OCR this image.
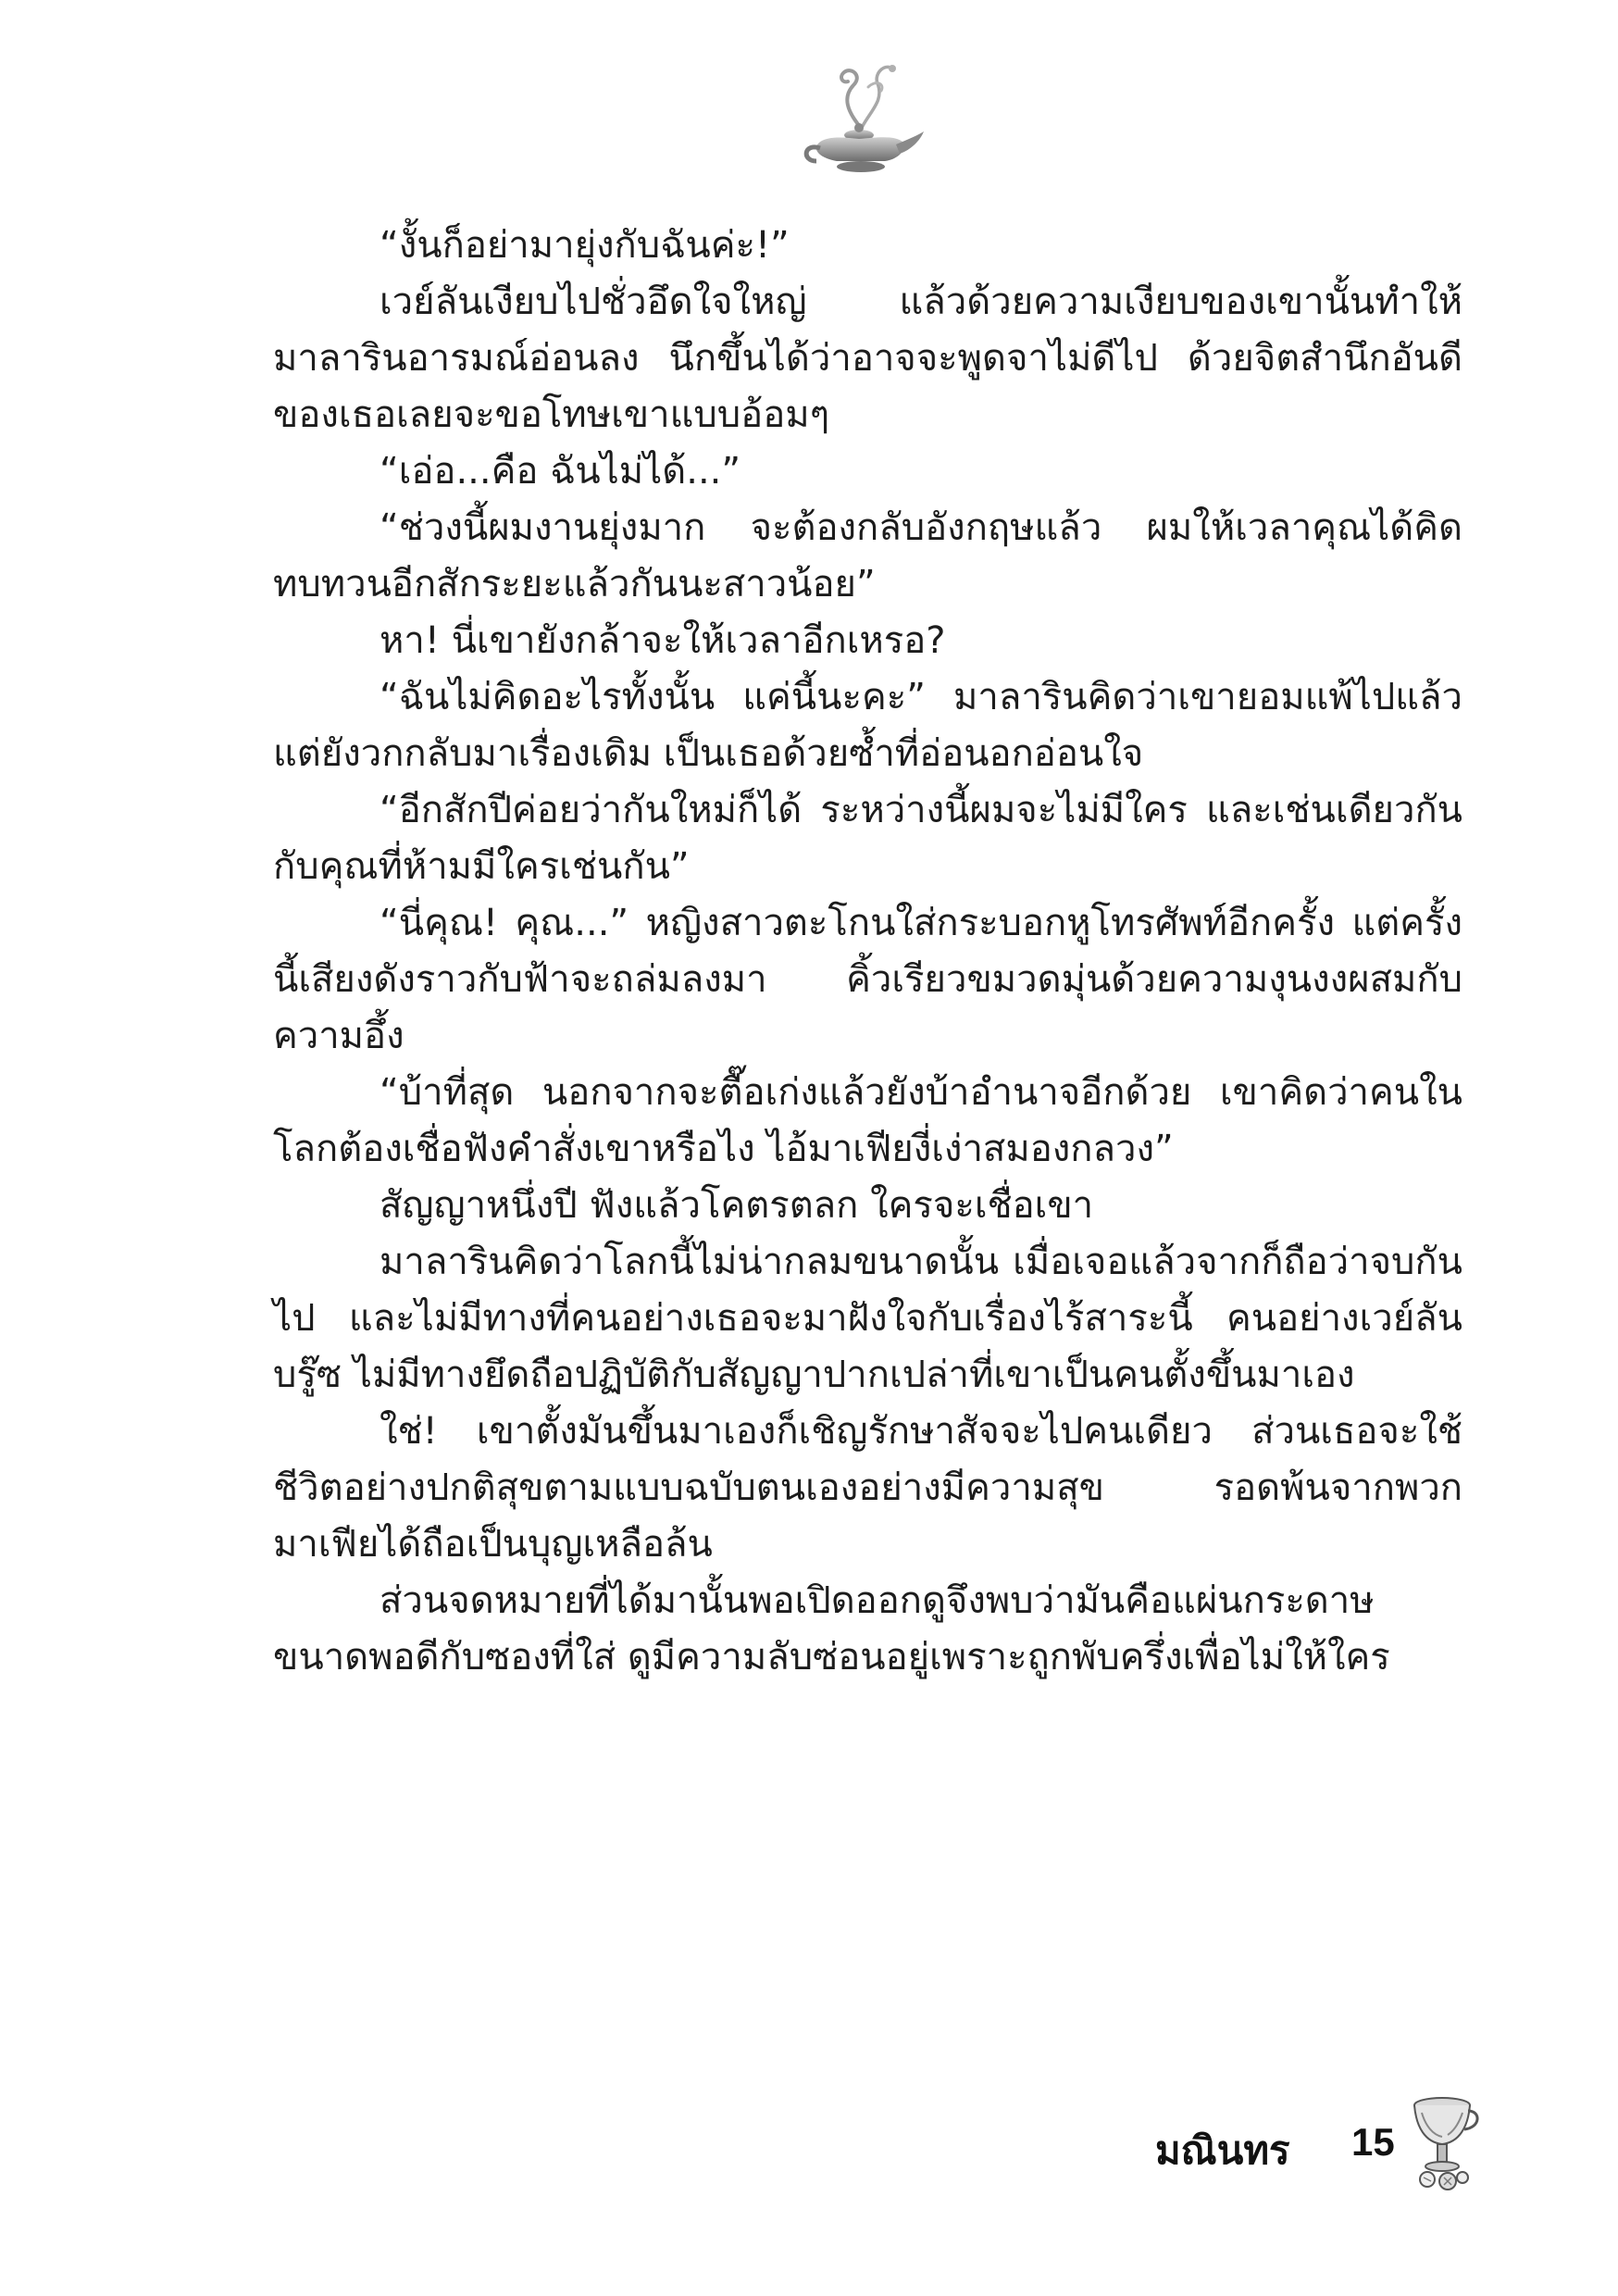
“งั้นก็อย่ามายุ่งกับฉันค่ะ!”

เวย์ลันเงียบไปชั่วอึดใจใหญ่ แล้วด้วยความเงียบของเขานั้นทำให้มาลารินอารมณ์อ่อนลง นึกขึ้นได้ว่าอาจจะพูดจาไม่ดีไป ด้วยจิตสำนึกอันดีของเธอเลยจะขอโทษเขาแบบอ้อมๆ

“เอ่อ...คือ ฉันไม่ได้...”

“ช่วงนี้ผมงานยุ่งมาก จะต้องกลับอังกฤษแล้ว ผมให้เวลาคุณได้คิดทบทวนอีกสักระยะแล้วกันนะสาวน้อย”

หา! นี่เขายังกล้าจะให้เวลาอีกเหรอ?

“ฉันไม่คิดอะไรทั้งนั้น แค่นี้นะคะ” มาลารินคิดว่าเขายอมแพ้ไปแล้ว แต่ยังวกกลับมาเรื่องเดิม เป็นเธอด้วยซ้ำที่อ่อนอกอ่อนใจ

“อีกสักปีค่อยว่ากันใหม่ก็ได้ ระหว่างนี้ผมจะไม่มีใคร และเช่นเดียวกันกับคุณที่ห้ามมีใครเช่นกัน”

“นี่คุณ! คุณ...” หญิงสาวตะโกนใส่กระบอกหูโทรศัพท์อีกครั้ง แต่ครั้งนี้เสียงดังราวกับฟ้าจะถล่มลงมา คิ้วเรียวขมวดมุ่นด้วยความงุนงงผสมกับความอึ้ง

“บ้าที่สุด นอกจากจะตื๊อเก่งแล้วยังบ้าอำนาจอีกด้วย เขาคิดว่าคนในโลกต้องเชื่อฟังคำสั่งเขาหรือไง ไอ้มาเฟียงี่เง่าสมองกลวง”

สัญญาหนึ่งปี ฟังแล้วโคตรตลก ใครจะเชื่อเขา

มาลารินคิดว่าโลกนี้ไม่น่ากลมขนาดนั้น เมื่อเจอแล้วจากก็ถือว่าจบกันไป และไม่มีทางที่คนอย่างเธอจะมาฝังใจกับเรื่องไร้สาระนี้ คนอย่างเวย์ลัน บรู๊ซ ไม่มีทางยึดถือปฏิบัติกับสัญญาปากเปล่าที่เขาเป็นคนตั้งขึ้นมาเอง

ใช่! เขาตั้งมันขึ้นมาเองก็เชิญรักษาสัจจะไปคนเดียว ส่วนเธอจะใช้ชีวิตอย่างปกติสุขตามแบบฉบับตนเองอย่างมีความสุข รอดพ้นจากพวกมาเฟียได้ถือเป็นบุญเหลือล้น

ส่วนจดหมายที่ได้มานั้นพอเปิดออกดูจึงพบว่ามันคือแผ่นกระดาษขนาดพอดีกับซองที่ใส่ ดูมีความลับซ่อนอยู่เพราะถูกพับครึ่งเพื่อไม่ให้ใคร

มณินทร 15
